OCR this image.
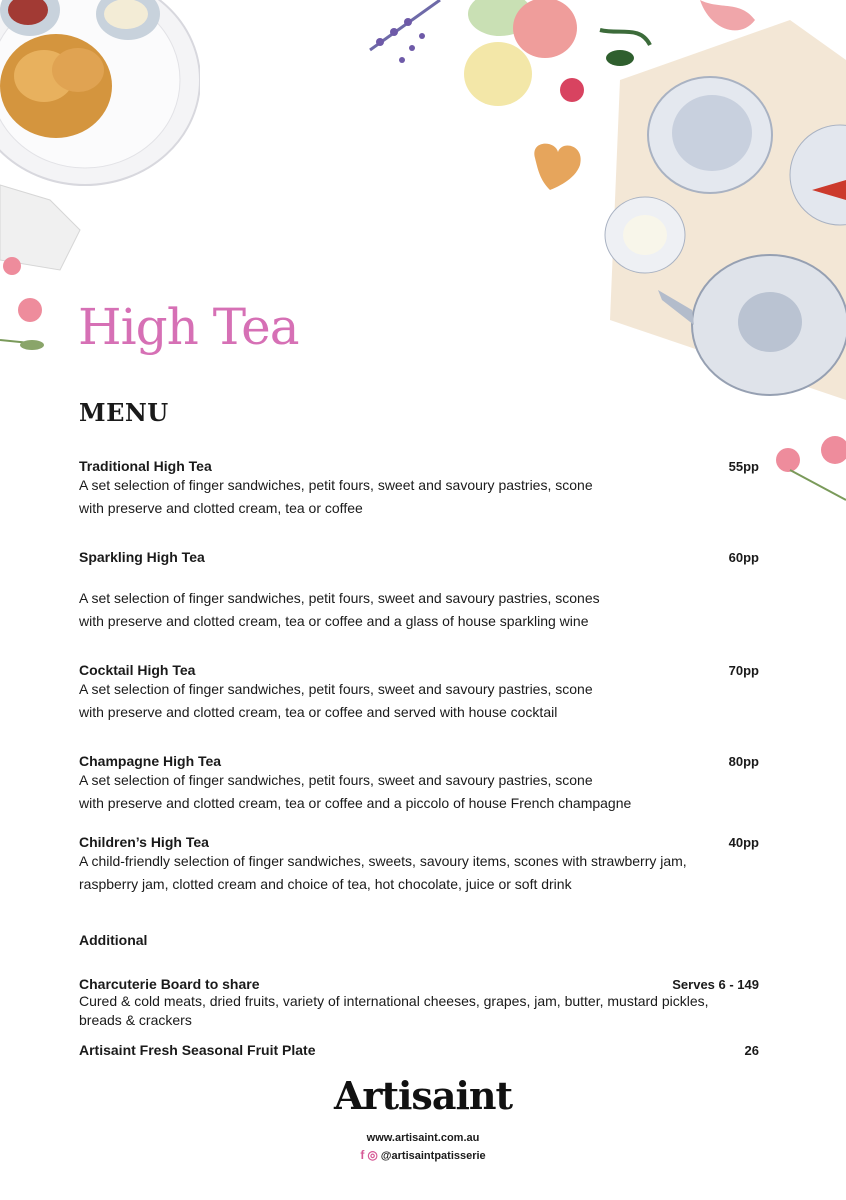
High Tea
MENU
Traditional High Tea	55pp
A set selection of finger sandwiches, petit fours, sweet and savoury pastries, scone
with preserve and clotted cream, tea or coffee
Sparkling High Tea	60pp
A set selection of finger sandwiches, petit fours, sweet and savoury pastries, scones
with preserve and clotted cream, tea or coffee and a glass of house sparkling wine
Cocktail High Tea	70pp
A set selection of finger sandwiches, petit fours, sweet and savoury pastries, scone
with preserve and clotted cream, tea or coffee and served with house cocktail
Champagne High Tea	80pp
A set selection of finger sandwiches, petit fours, sweet and savoury pastries, scone
with preserve and clotted cream, tea or coffee and a piccolo of house French champagne
Children’s High Tea	40pp
A child-friendly selection of finger sandwiches, sweets, savoury items, scones with strawberry jam,
raspberry jam, clotted cream and choice of tea, hot chocolate, juice or soft drink
Additional
Charcuterie Board to share	Serves 6 - 149
Cured & cold meats, dried fruits, variety of international cheeses, grapes, jam, butter, mustard pickles,
breads & crackers
Artisaint Fresh Seasonal Fruit Plate	26
Artisaint
www.artisaint.com.au
f ◎ @artisaintpatisserie
